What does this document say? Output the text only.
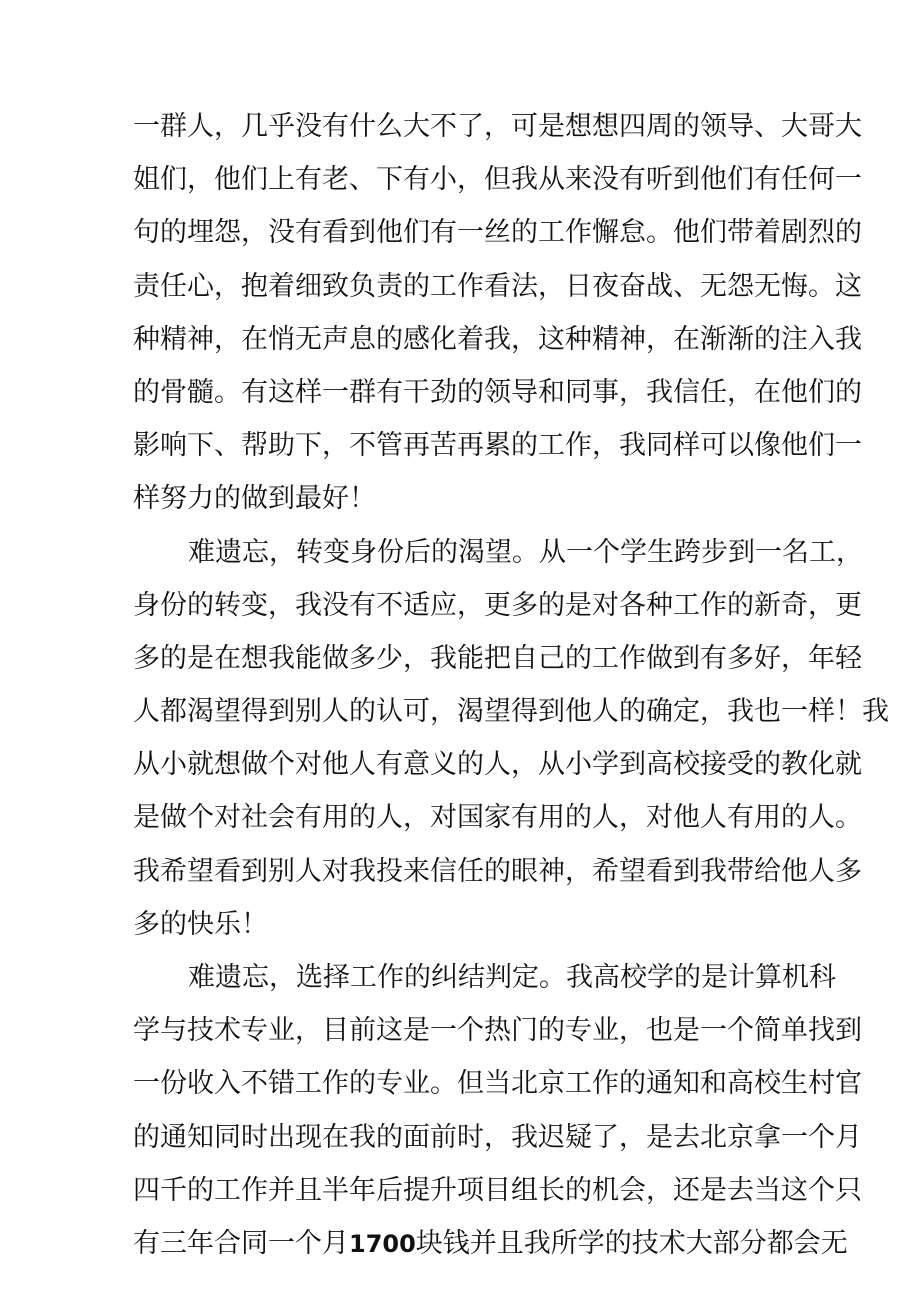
一群人，几乎没有什么大不了，可是想想四周的领导、大哥大
姐们，他们上有老、下有小，但我从来没有听到他们有任何一
句的埋怨，没有看到他们有一丝的工作懈怠。他们带着剧烈的
责任心，抱着细致负责的工作看法，日夜奋战、无怨无悔。这
种精神，在悄无声息的感化着我，这种精神，在渐渐的注入我
的骨髓。有这样一群有干劲的领导和同事，我信任，在他们的
影响下、帮助下，不管再苦再累的工作，我同样可以像他们一
样努力的做到最好！
难遗忘，转变身份后的渴望。从一个学生跨步到一名工，
身份的转变，我没有不适应，更多的是对各种工作的新奇，更
多的是在想我能做多少，我能把自己的工作做到有多好，年轻
人都渴望得到别人的认可，渴望得到他人的确定，我也一样！我
从小就想做个对他人有意义的人，从小学到高校接受的教化就
是做个对社会有用的人，对国家有用的人，对他人有用的人。
我希望看到别人对我投来信任的眼神，希望看到我带给他人多
多的快乐！
难遗忘，选择工作的纠结判定。我高校学的是计算机科
学与技术专业，目前这是一个热门的专业，也是一个简单找到
一份收入不错工作的专业。但当北京工作的通知和高校生村官
的通知同时出现在我的面前时，我迟疑了，是去北京拿一个月
四千的工作并且半年后提升项目组长的机会，还是去当这个只
有三年合同一个月1700块钱并且我所学的技术大部分都会无
